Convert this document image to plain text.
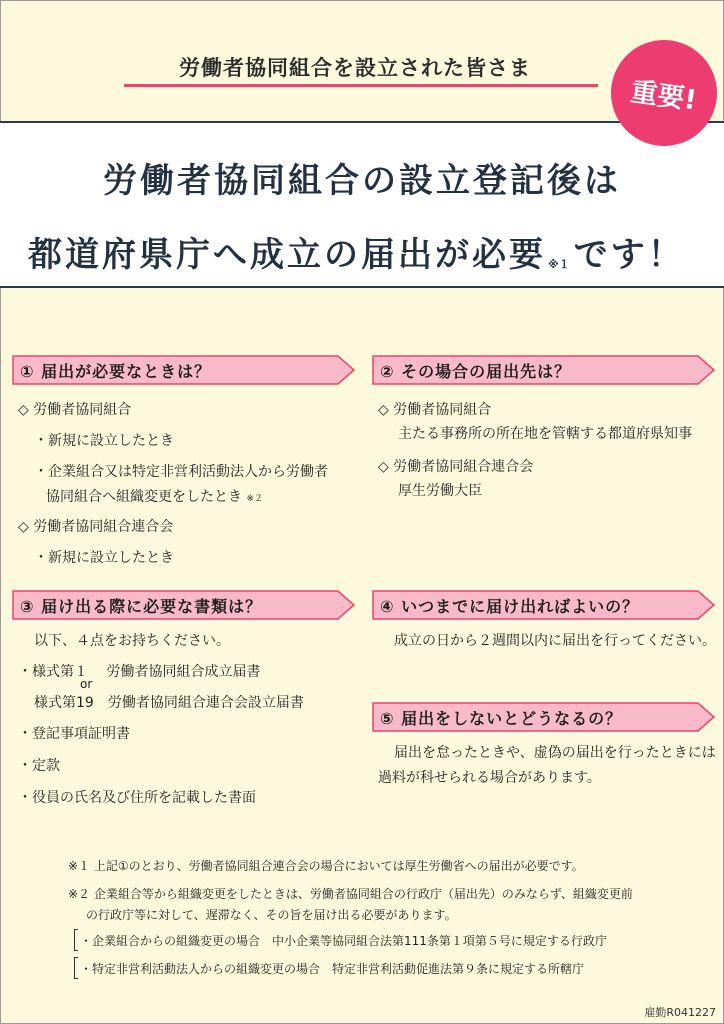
労働者協同組合を設立された皆さま
労働者協同組合の設立登記後は
都道府県庁へ成立の届出が必要 ※１ です！
重要!
① 届出が必要なときは？
◇ 労働者協同組合
・新規に設立したとき
・企業組合又は特定非営利活動法人から労働者
協同組合へ組織変更をしたとき ※２
◇ 労働者協同組合連合会
・新規に設立したとき
② その場合の届出先は？
◇ 労働者協同組合
主たる事務所の所在地を管轄する都道府県知事
◇ 労働者協同組合連合会
厚生労働大臣
③ 届け出る際に必要な書類は？
以下、４点をお持ちください。
・様式第１　 労働者協同組合成立届書
or
様式第19　労働者協同組合連合会設立届書
・登記事項証明書
・定款
・役員の氏名及び住所を記載した書面
④ いつまでに届け出ればよいの？
成立の日から２週間以内に届出を行ってください。
⑤ 届出をしないとどうなるの？
届出を怠ったときや、虚偽の届出を行ったときには
過料が科せられる場合があります。
※１ 上記①のとおり、労働者協同組合連合会の場合においては厚生労働省への届出が必要です。
※２ 企業組合等から組織変更をしたときは、労働者協同組合の行政庁（届出先）のみならず、組織変更前
の行政庁等に対して、遅滞なく、その旨を届け出る必要があります。
・企業組合からの組織変更の場合　中小企業等協同組合法第111条第１項第５号に規定する行政庁
・特定非営利活動法人からの組織変更の場合　特定非営利活動促進法第９条に規定する所轄庁
雇勤R041227
